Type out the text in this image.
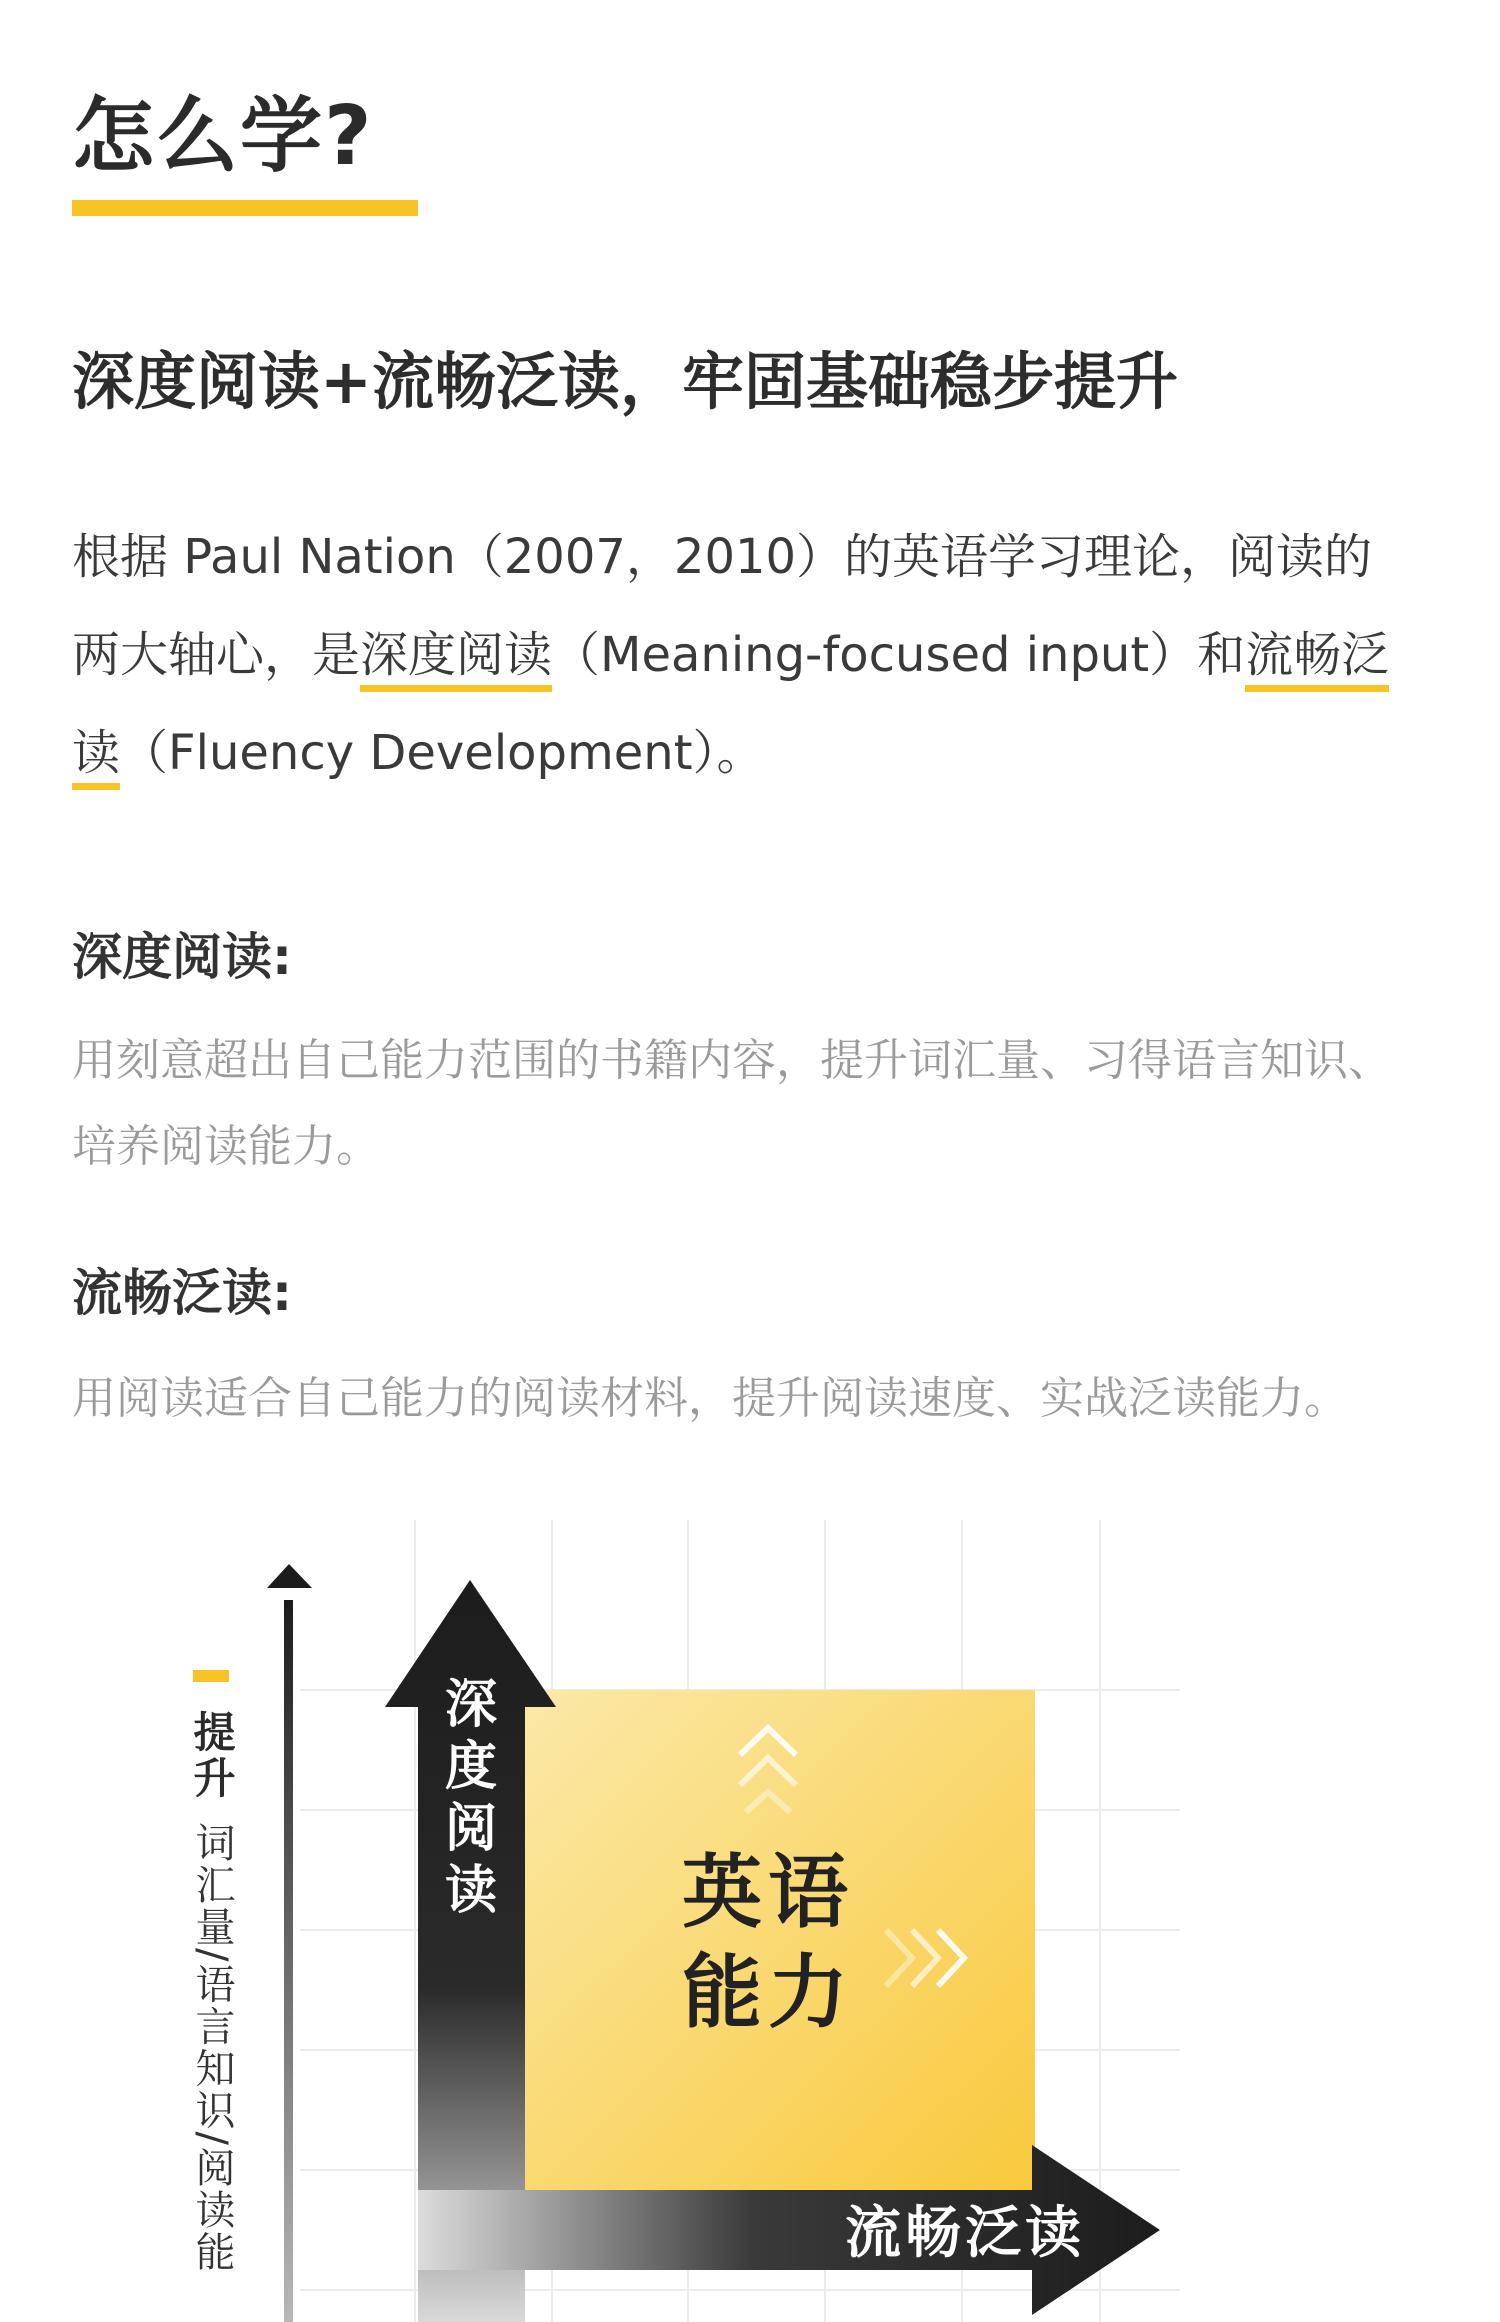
怎么学?
深度阅读+流畅泛读，牢固基础稳步提升

根据 Paul Nation（2007，2010）的英语学习理论，阅读的两大轴心，是深度阅读（Meaning-focused input）和流畅泛读（Fluency Development）。

深度阅读:

用刻意超出自己能力范围的书籍内容，提升词汇量、习得语言知识、培养阅读能力。

流畅泛读:

用阅读适合自己能力的阅读材料，提升阅读速度、实战泛读能力。

提升
词汇量/语言知识/阅读能
深
度
阅
读 英语
能力
流畅泛读
